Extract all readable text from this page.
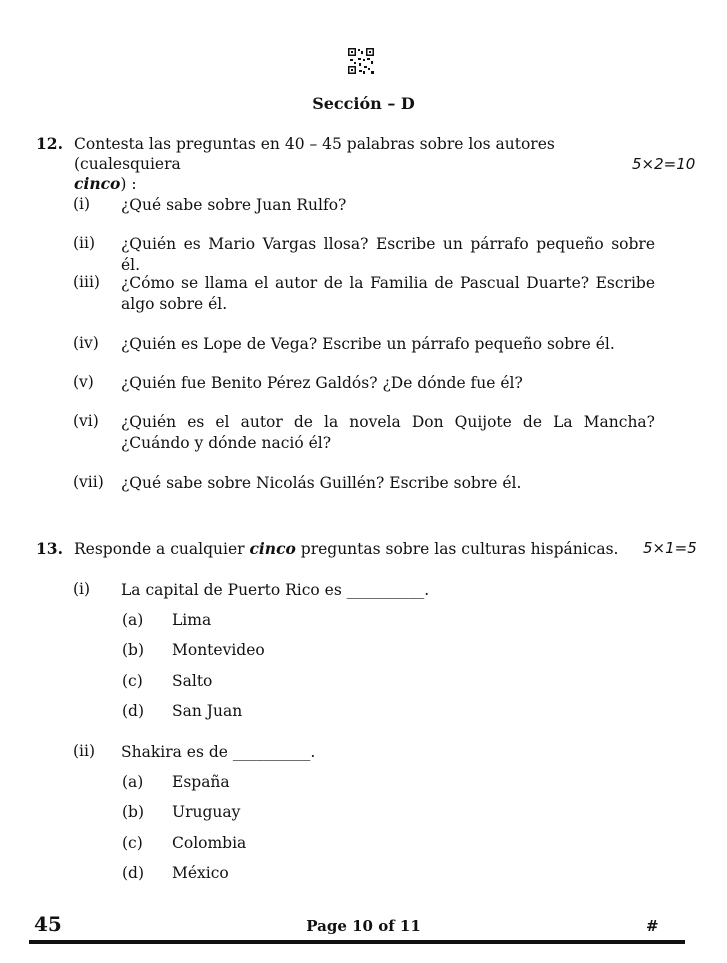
Sección – D
12. Contesta las preguntas en 40 – 45 palabras sobre los autores (cualesquiera
cinco) :
5×2=10
(i) ¿Qué sabe sobre Juan Rulfo?
(ii) ¿Quién es Mario Vargas llosa? Escribe un párrafo pequeño sobre él.
(iii) ¿Cómo se llama el autor de la Familia de Pascual Duarte? Escribe algo sobre él.
(iv) ¿Quién es Lope de Vega? Escribe un párrafo pequeño sobre él.
(v) ¿Quién fue Benito Pérez Galdós? ¿De dónde fue él?
(vi) ¿Quién es el autor de la novela Don Quijote de La Mancha? ¿Cuándo y dónde nació él?
(vii) ¿Qué sabe sobre Nicolás Guillén? Escribe sobre él.
13. Responde a cualquier cinco preguntas sobre las culturas hispánicas.	5×1=5
(i) La capital de Puerto Rico es __________.
(a) Lima
(b) Montevideo
(c) Salto
(d) San Juan
(ii) Shakira es de __________.
(a) España
(b) Uruguay
(c) Colombia
(d) México
45	Page 10 of 11	#
